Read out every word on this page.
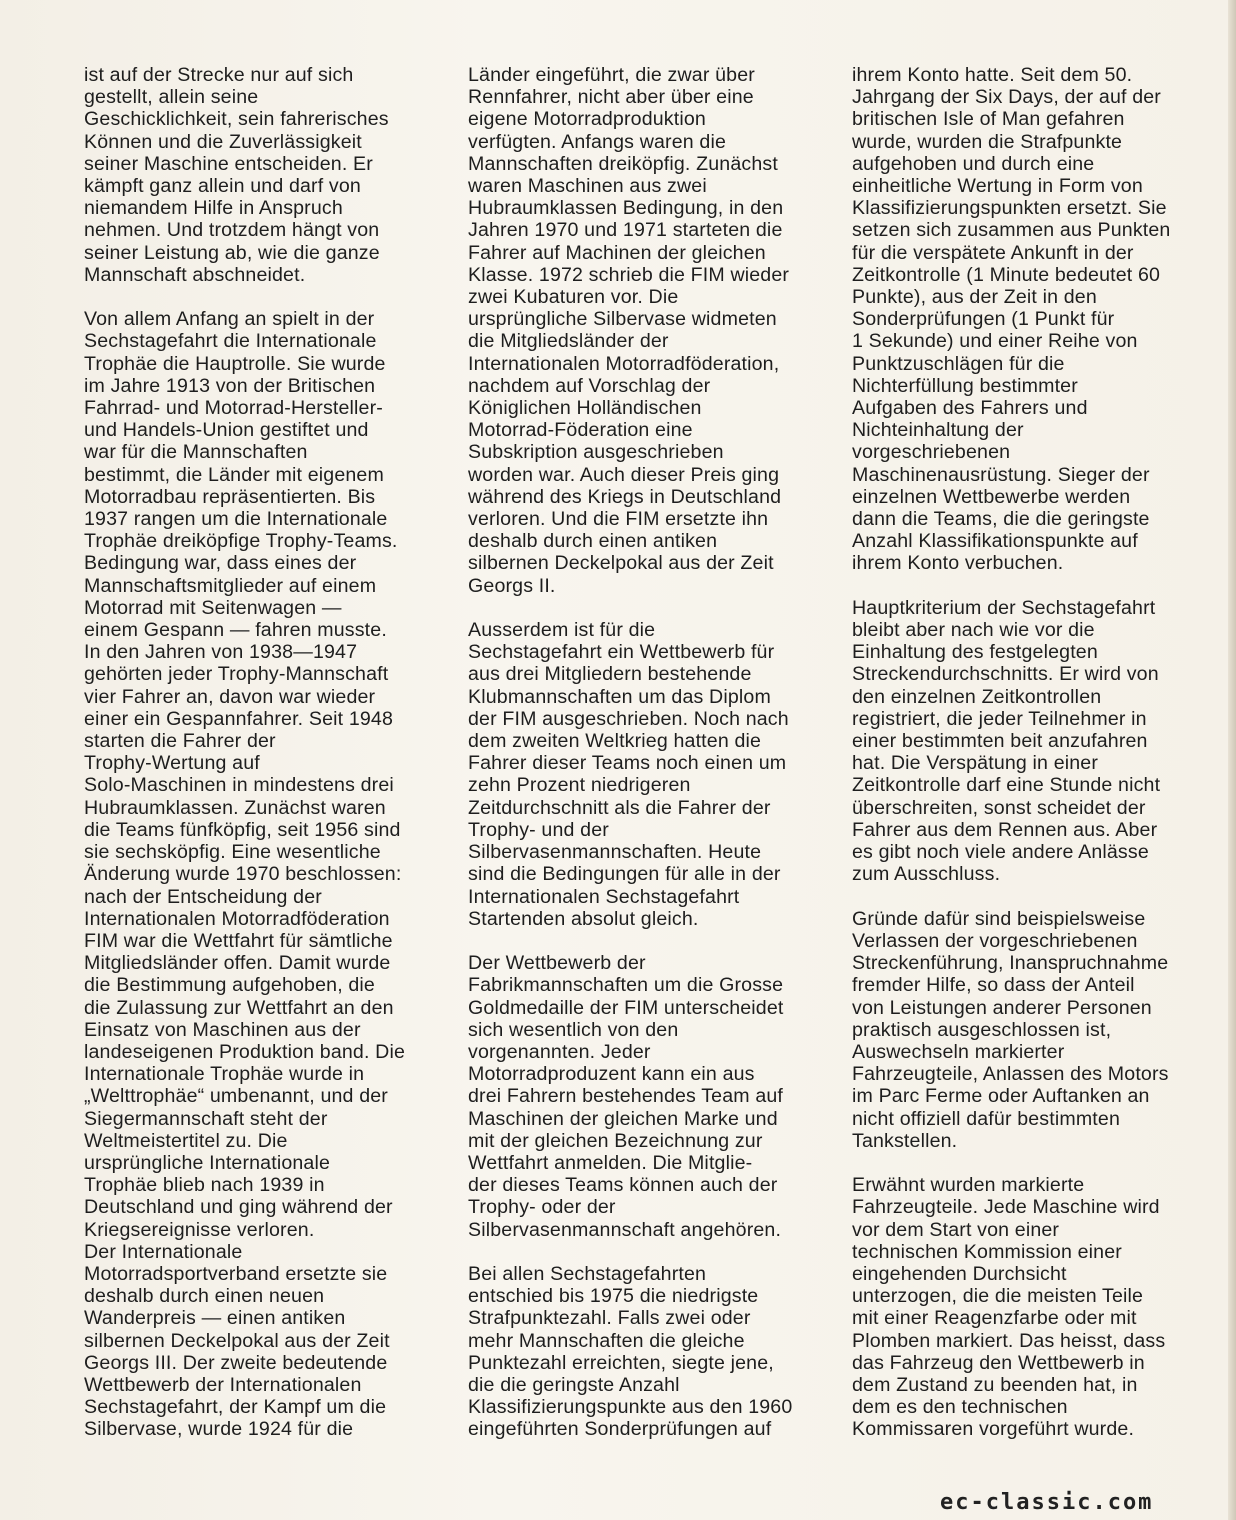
ist auf der Strecke nur auf sich
gestellt, allein seine
Geschicklichkeit, sein fahrerisches
Können und die Zuverlässigkeit
seiner Maschine entscheiden. Er
kämpft ganz allein und darf von
niemandem Hilfe in Anspruch
nehmen. Und trotzdem hängt von
seiner Leistung ab, wie die ganze
Mannschaft abschneidet.

Von allem Anfang an spielt in der
Sechstagefahrt die Internationale
Trophäe die Hauptrolle. Sie wurde
im Jahre 1913 von der Britischen
Fahrrad- und Motorrad-Hersteller-
und Handels-Union gestiftet und
war für die Mannschaften
bestimmt, die Länder mit eigenem
Motorradbau repräsentierten. Bis
1937 rangen um die Internationale
Trophäe dreiköpfige Trophy-Teams.
Bedingung war, dass eines der
Mannschaftsmitglieder auf einem
Motorrad mit Seitenwagen —
einem Gespann — fahren musste.
In den Jahren von 1938—1947
gehörten jeder Trophy-Mannschaft
vier Fahrer an, davon war wieder
einer ein Gespannfahrer. Seit 1948
starten die Fahrer der
Trophy-Wertung auf
Solo-Maschinen in mindestens drei
Hubraumklassen. Zunächst waren
die Teams fünfköpfig, seit 1956 sind
sie sechsköpfig. Eine wesentliche
Änderung wurde 1970 beschlossen:
nach der Entscheidung der
Internationalen Motorradföderation
FIM war die Wettfahrt für sämtliche
Mitgliedsländer offen. Damit wurde
die Bestimmung aufgehoben, die
die Zulassung zur Wettfahrt an den
Einsatz von Maschinen aus der
landeseigenen Produktion band. Die
Internationale Trophäe wurde in
„Welttrophäe“ umbenannt, und der
Siegermannschaft steht der
Weltmeistertitel zu. Die
ursprüngliche Internationale
Trophäe blieb nach 1939 in
Deutschland und ging während der
Kriegsereignisse verloren.

Der Internationale
Motorradsportverband ersetzte sie
deshalb durch einen neuen
Wanderpreis — einen antiken
silbernen Deckelpokal aus der Zeit
Georgs III. Der zweite bedeutende
Wettbewerb der Internationalen
Sechstagefahrt, der Kampf um die
Silbervase, wurde 1924 für die

Länder eingeführt, die zwar über
Rennfahrer, nicht aber über eine
eigene Motorradproduktion
verfügten. Anfangs waren die
Mannschaften dreiköpfig. Zunächst
waren Maschinen aus zwei
Hubraumklassen Bedingung, in den
Jahren 1970 und 1971 starteten die
Fahrer auf Machinen der gleichen
Klasse. 1972 schrieb die FIM wieder
zwei Kubaturen vor. Die
ursprüngliche Silbervase widmeten
die Mitgliedsländer der
Internationalen Motorradföderation,
nachdem auf Vorschlag der
Königlichen Holländischen
Motorrad-Föderation eine
Subskription ausgeschrieben
worden war. Auch dieser Preis ging
während des Kriegs in Deutschland
verloren. Und die FIM ersetzte ihn
deshalb durch einen antiken
silbernen Deckelpokal aus der Zeit
Georgs II.

Ausserdem ist für die
Sechstagefahrt ein Wettbewerb für
aus drei Mitgliedern bestehende
Klubmannschaften um das Diplom
der FIM ausgeschrieben. Noch nach
dem zweiten Weltkrieg hatten die
Fahrer dieser Teams noch einen um
zehn Prozent niedrigeren
Zeitdurchschnitt als die Fahrer der
Trophy- und der
Silbervasenmannschaften. Heute
sind die Bedingungen für alle in der
Internationalen Sechstagefahrt
Startenden absolut gleich.

Der Wettbewerb der
Fabrikmannschaften um die Grosse
Goldmedaille der FIM unterscheidet
sich wesentlich von den
vorgenannten. Jeder
Motorradproduzent kann ein aus
drei Fahrern bestehendes Team auf
Maschinen der gleichen Marke und
mit der gleichen Bezeichnung zur
Wettfahrt anmelden. Die Mitglie-
der dieses Teams können auch der
Trophy- oder der
Silbervasenmannschaft angehören.

Bei allen Sechstagefahrten
entschied bis 1975 die niedrigste
Strafpunktezahl. Falls zwei oder
mehr Mannschaften die gleiche
Punktezahl erreichten, siegte jene,
die die geringste Anzahl
Klassifizierungspunkte aus den 1960
eingeführten Sonderprüfungen auf

ihrem Konto hatte. Seit dem 50.
Jahrgang der Six Days, der auf der
britischen Isle of Man gefahren
wurde, wurden die Strafpunkte
aufgehoben und durch eine
einheitliche Wertung in Form von
Klassifizierungspunkten ersetzt. Sie
setzen sich zusammen aus Punkten
für die verspätete Ankunft in der
Zeitkontrolle (1 Minute bedeutet 60
Punkte), aus der Zeit in den
Sonderprüfungen (1 Punkt für
1 Sekunde) und einer Reihe von
Punktzuschlägen für die
Nichterfüllung bestimmter
Aufgaben des Fahrers und
Nichteinhaltung der
vorgeschriebenen
Maschinenausrüstung. Sieger der
einzelnen Wettbewerbe werden
dann die Teams, die die geringste
Anzahl Klassifikationspunkte auf
ihrem Konto verbuchen.

Hauptkriterium der Sechstagefahrt
bleibt aber nach wie vor die
Einhaltung des festgelegten
Streckendurchschnitts. Er wird von
den einzelnen Zeitkontrollen
registriert, die jeder Teilnehmer in
einer bestimmten beit anzufahren
hat. Die Verspätung in einer
Zeitkontrolle darf eine Stunde nicht
überschreiten, sonst scheidet der
Fahrer aus dem Rennen aus. Aber
es gibt noch viele andere Anlässe
zum Ausschluss.

Gründe dafür sind beispielsweise
Verlassen der vorgeschriebenen
Streckenführung, Inanspruchnahme
fremder Hilfe, so dass der Anteil
von Leistungen anderer Personen
praktisch ausgeschlossen ist,
Auswechseln markierter
Fahrzeugteile, Anlassen des Motors
im Parc Ferme oder Auftanken an
nicht offiziell dafür bestimmten
Tankstellen.

Erwähnt wurden markierte
Fahrzeugteile. Jede Maschine wird
vor dem Start von einer
technischen Kommission einer
eingehenden Durchsicht
unterzogen, die die meisten Teile
mit einer Reagenzfarbe oder mit
Plomben markiert. Das heisst, dass
das Fahrzeug den Wettbewerb in
dem Zustand zu beenden hat, in
dem es den technischen
Kommissaren vorgeführt wurde.

ec-classic.com
